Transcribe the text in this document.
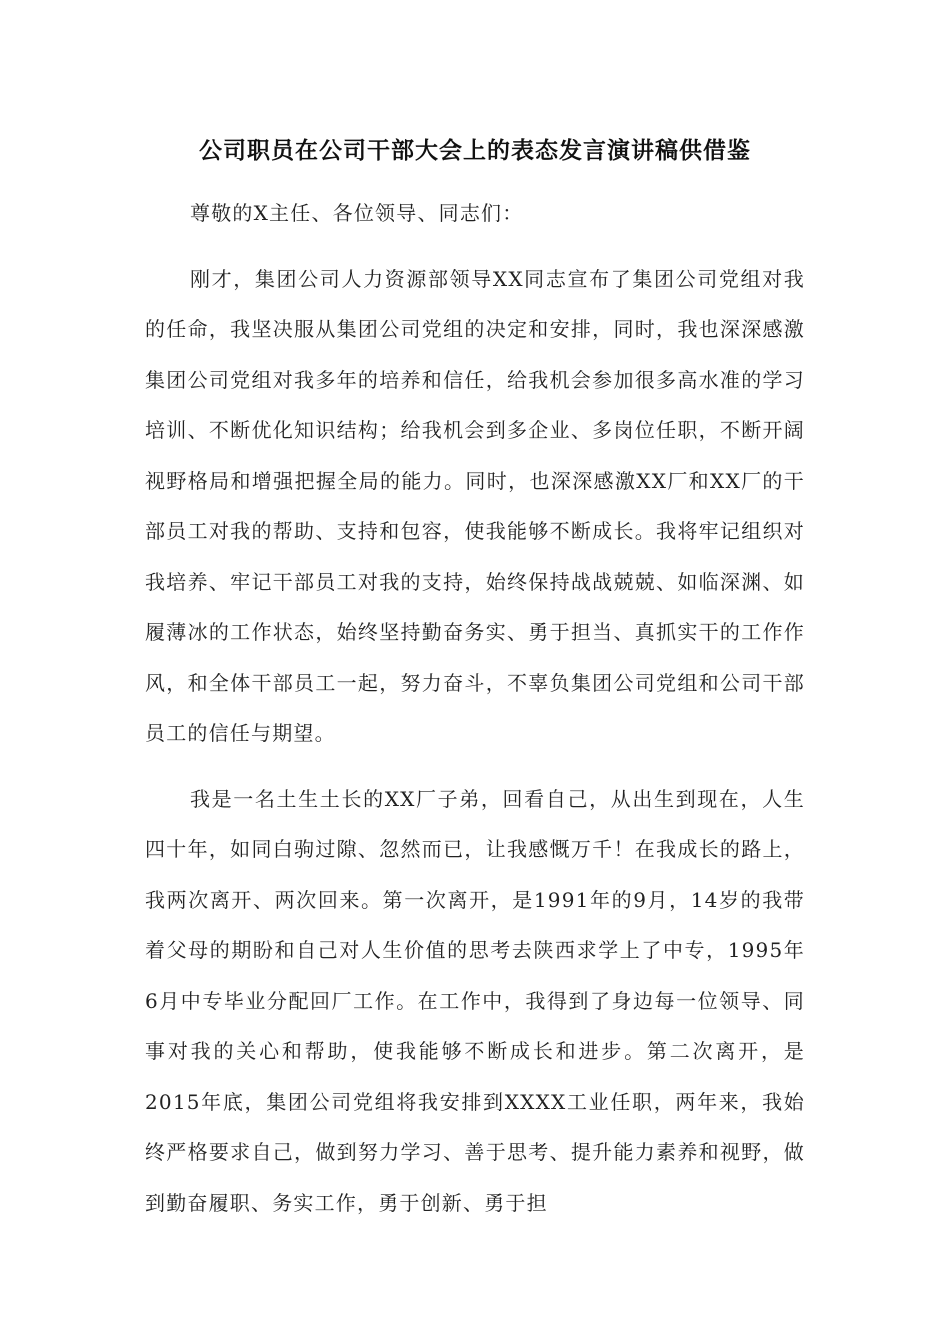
公司职员在公司干部大会上的表态发言演讲稿供借鉴

尊敬的X主任、各位领导、同志们：

刚才，集团公司人力资源部领导XX同志宣布了集团公司党组对我的任命，我坚决服从集团公司党组的决定和安排，同时，我也深深感激集团公司党组对我多年的培养和信任，给我机会参加很多高水准的学习培训、不断优化知识结构；给我机会到多企业、多岗位任职，不断开阔视野格局和增强把握全局的能力。同时，也深深感激XX厂和XX厂的干部员工对我的帮助、支持和包容，使我能够不断成长。我将牢记组织对我培养、牢记干部员工对我的支持，始终保持战战兢兢、如临深渊、如履薄冰的工作状态，始终坚持勤奋务实、勇于担当、真抓实干的工作作风，和全体干部员工一起，努力奋斗，不辜负集团公司党组和公司干部员工的信任与期望。

我是一名土生土长的XX厂子弟，回看自己，从出生到现在，人生四十年，如同白驹过隙、忽然而已，让我感慨万千！在我成长的路上，我两次离开、两次回来。第一次离开，是1991年的9月，14岁的我带着父母的期盼和自己对人生价值的思考去陕西求学上了中专，1995年6月中专毕业分配回厂工作。在工作中，我得到了身边每一位领导、同事对我的关心和帮助，使我能够不断成长和进步。第二次离开，是2015年底，集团公司党组将我安排到XXXX工业任职，两年来，我始终严格要求自己，做到努力学习、善于思考、提升能力素养和视野，做到勤奋履职、务实工作，勇于创新、勇于担
